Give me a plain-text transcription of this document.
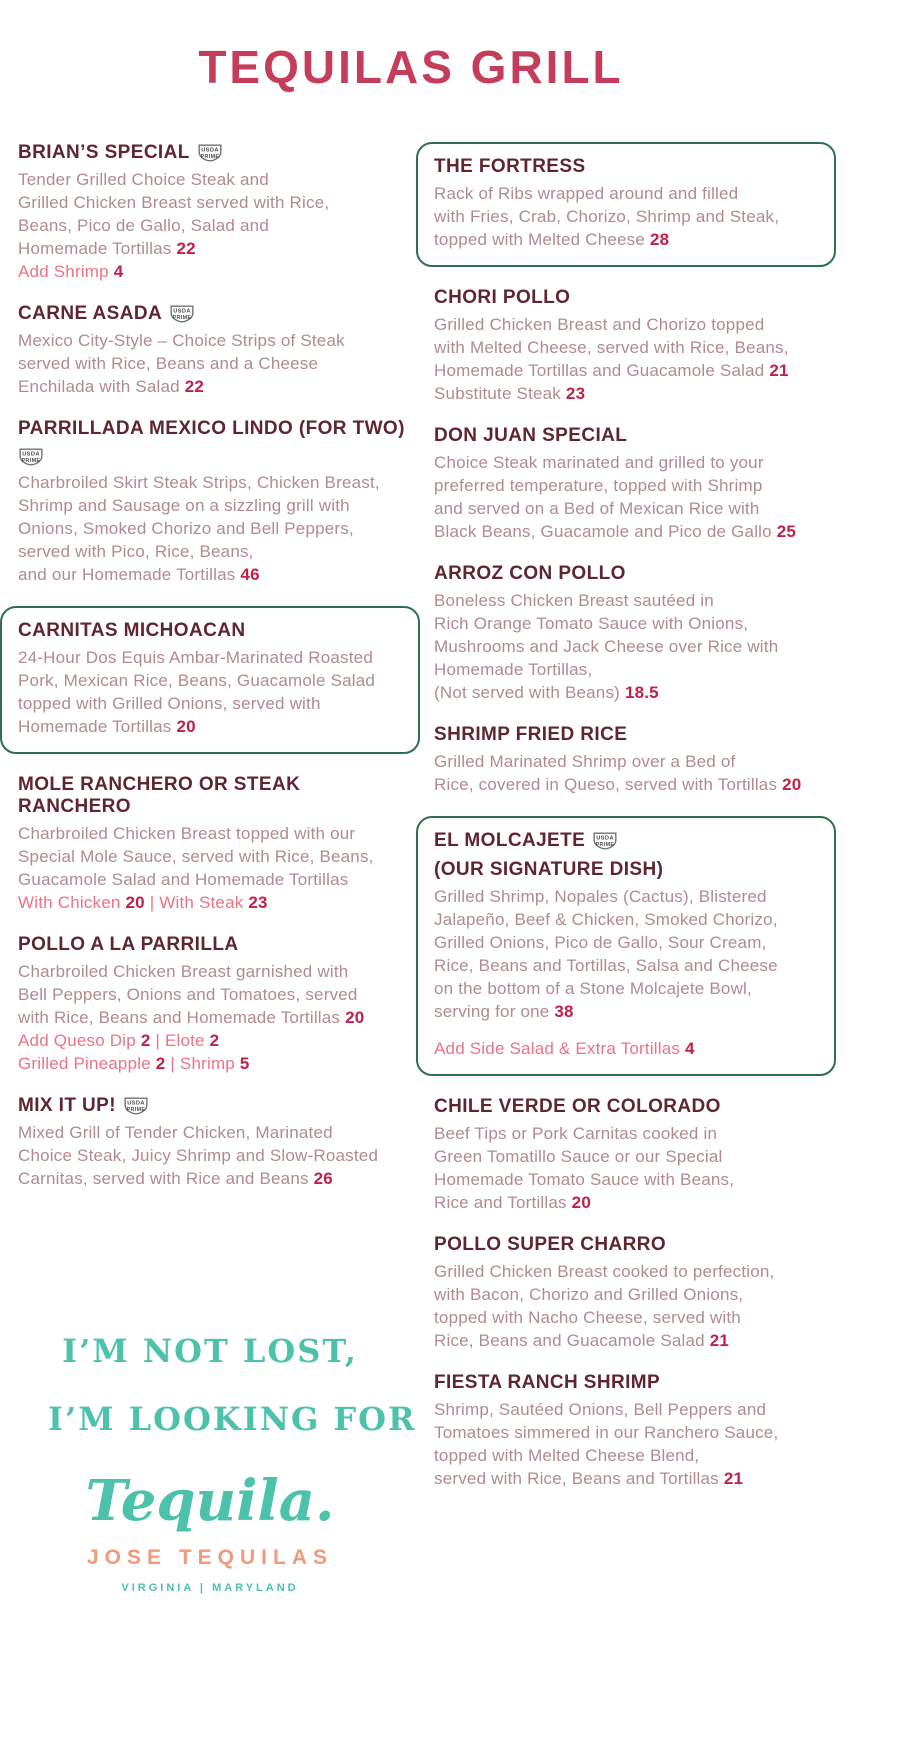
TEQUILAS GRILL
BRIAN’S SPECIAL USDA
PRIME

Tender Grilled Choice Steak and
Grilled Chicken Breast served with Rice,
Beans, Pico de Gallo, Salad and
Homemade Tortillas 22

Add Shrimp 4

CARNE ASADA USDA
PRIME

Mexico City-Style – Choice Strips of Steak
served with Rice, Beans and a Cheese
Enchilada with Salad 22

PARRILLADA MEXICO LINDO (FOR TWO)
USDA
PRIME

Charbroiled Skirt Steak Strips, Chicken Breast,
Shrimp and Sausage on a sizzling grill with
Onions, Smoked Chorizo and Bell Peppers,
served with Pico, Rice, Beans,
and our Homemade Tortillas 46

CARNITAS MICHOACAN

24-Hour Dos Equis Ambar-Marinated Roasted
Pork, Mexican Rice, Beans, Guacamole Salad
topped with Grilled Onions, served with
Homemade Tortillas 20

MOLE RANCHERO OR STEAK RANCHERO

Charbroiled Chicken Breast topped with our
Special Mole Sauce, served with Rice, Beans,
Guacamole Salad and Homemade Tortillas

With Chicken 20 | With Steak 23

POLLO A LA PARRILLA

Charbroiled Chicken Breast garnished with
Bell Peppers, Onions and Tomatoes, served
with Rice, Beans and Homemade Tortillas 20

Add Queso Dip 2 | Elote 2

Grilled Pineapple 2 | Shrimp 5

MIX IT UP! USDA
PRIME

Mixed Grill of Tender Chicken, Marinated
Choice Steak, Juicy Shrimp and Slow-Roasted
Carnitas, served with Rice and Beans 26

THE FORTRESS

Rack of Ribs wrapped around and filled
with Fries, Crab, Chorizo, Shrimp and Steak,
topped with Melted Cheese 28

CHORI POLLO

Grilled Chicken Breast and Chorizo topped
with Melted Cheese, served with Rice, Beans,
Homemade Tortillas and Guacamole Salad 21
Substitute Steak 23

DON JUAN SPECIAL

Choice Steak marinated and grilled to your
preferred temperature, topped with Shrimp
and served on a Bed of Mexican Rice with
Black Beans, Guacamole and Pico de Gallo 25

ARROZ CON POLLO

Boneless Chicken Breast sautéed in
Rich Orange Tomato Sauce with Onions,
Mushrooms and Jack Cheese over Rice with
Homemade Tortillas,
(Not served with Beans) 18.5

SHRIMP FRIED RICE

Grilled Marinated Shrimp over a Bed of
Rice, covered in Queso, served with Tortillas 20

EL MOLCAJETE USDA
PRIME
(OUR SIGNATURE DISH)

Grilled Shrimp, Nopales (Cactus), Blistered
Jalapeño, Beef & Chicken, Smoked Chorizo,
Grilled Onions, Pico de Gallo, Sour Cream,
Rice, Beans and Tortillas, Salsa and Cheese
on the bottom of a Stone Molcajete Bowl,
serving for one 38

Add Side Salad & Extra Tortillas 4

CHILE VERDE OR COLORADO

Beef Tips or Pork Carnitas cooked in
Green Tomatillo Sauce or our Special
Homemade Tomato Sauce with Beans,
Rice and Tortillas 20

POLLO SUPER CHARRO

Grilled Chicken Breast cooked to perfection,
with Bacon, Chorizo and Grilled Onions,
topped with Nacho Cheese, served with
Rice, Beans and Guacamole Salad 21

FIESTA RANCH SHRIMP

Shrimp, Sautéed Onions, Bell Peppers and
Tomatoes simmered in our Ranchero Sauce,
topped with Melted Cheese Blend,
served with Rice, Beans and Tortillas 21

I’M NOT LOST,
I’M LOOKING FOR
Tequila.
JOSE TEQUILAS
VIRGINIA | MARYLAND
